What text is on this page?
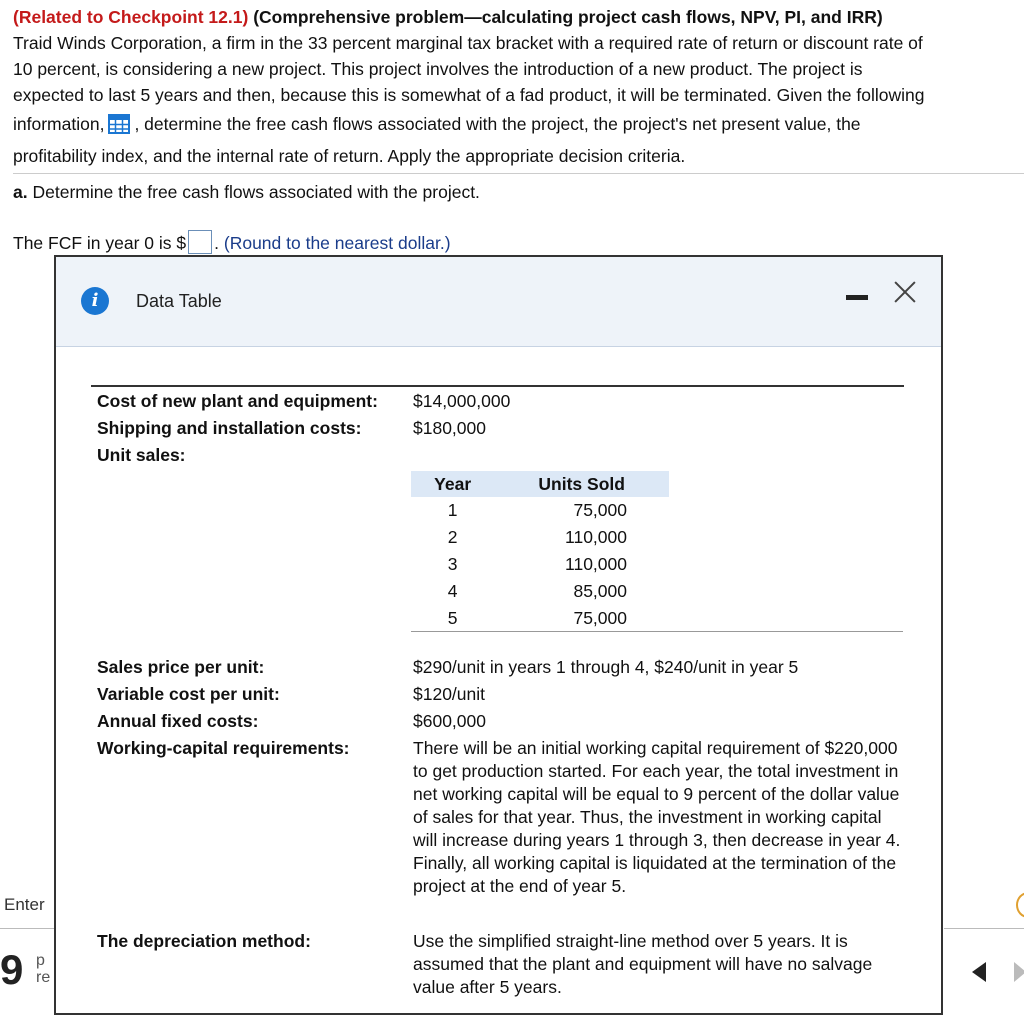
(Related to Checkpoint 12.1) (Comprehensive problem—calculating project cash flows, NPV, PI, and IRR)
Traid Winds Corporation, a firm in the 33 percent marginal tax bracket with a required rate of return or discount rate of
10 percent, is considering a new project. This project involves the introduction of a new product. The project is
expected to last 5 years and then, because this is somewhat of a fad product, it will be terminated. Given the following
information, , determine the free cash flows associated with the project, the project's net present value, the
profitability index, and the internal rate of return. Apply the appropriate decision criteria.
a. Determine the free cash flows associated with the project.
The FCF in year 0 is $ . (Round to the nearest dollar.)
Enter
9 p
re
i	Data Table
Cost of new plant and equipment: $14,000,000
Shipping and installation costs:	$180,000
Unit sales:
Year	Units Sold
1	75,000
2	110,000
3	110,000
4	85,000
5	75,000
Sales price per unit:	$290/unit in years 1 through 4, $240/unit in year 5
Variable cost per unit:	$120/unit
Annual fixed costs:	$600,000
Working-capital requirements:	There will be an initial working capital requirement of $220,000 to get production started. For each year, the total investment in net working capital will be equal to 9 percent of the dollar value of sales for that year. Thus, the investment in working capital will increase during years 1 through 3, then decrease in year 4. Finally, all working capital is liquidated at the termination of the project at the end of year 5.
The depreciation method:	Use the simplified straight-line method over 5 years. It is assumed that the plant and equipment will have no salvage value after 5 years.
